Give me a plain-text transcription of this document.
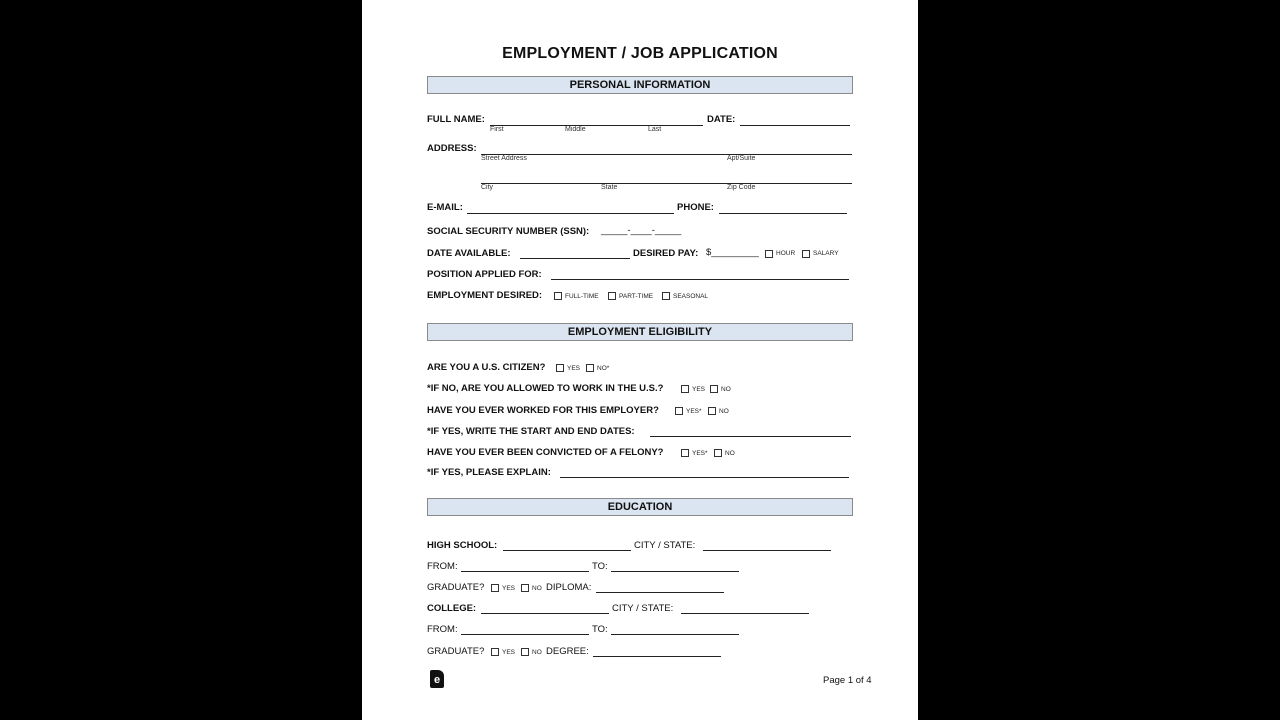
EMPLOYMENT / JOB APPLICATION
PERSONAL INFORMATION
FULL NAME:
First	Middle	Last
DATE:
ADDRESS:
Street Address	Apt/Suite
City	State	Zip Code
E-MAIL:	PHONE:
SOCIAL SECURITY NUMBER (SSN): _____-____-_____
DATE AVAILABLE:	DESIRED PAY: $_________	HOUR	SALARY
POSITION APPLIED FOR:
EMPLOYMENT DESIRED:	FULL-TIME	PART-TIME	SEASONAL
EMPLOYMENT ELIGIBILITY
ARE YOU A U.S. CITIZEN?	YES	NO*
*IF NO, ARE YOU ALLOWED TO WORK IN THE U.S.?	YES NO
HAVE YOU EVER WORKED FOR THIS EMPLOYER?	YES*	NO
*IF YES, WRITE THE START AND END DATES:
HAVE YOU EVER BEEN CONVICTED OF A FELONY?	YES*	NO
*IF YES, PLEASE EXPLAIN:
EDUCATION
HIGH SCHOOL:	CITY / STATE:
FROM:	TO:
GRADUATE?	YES	NO DIPLOMA:
COLLEGE:	CITY / STATE:
FROM:	TO:
GRADUATE?	YES	NO DEGREE:
e	Page 1 of 4
